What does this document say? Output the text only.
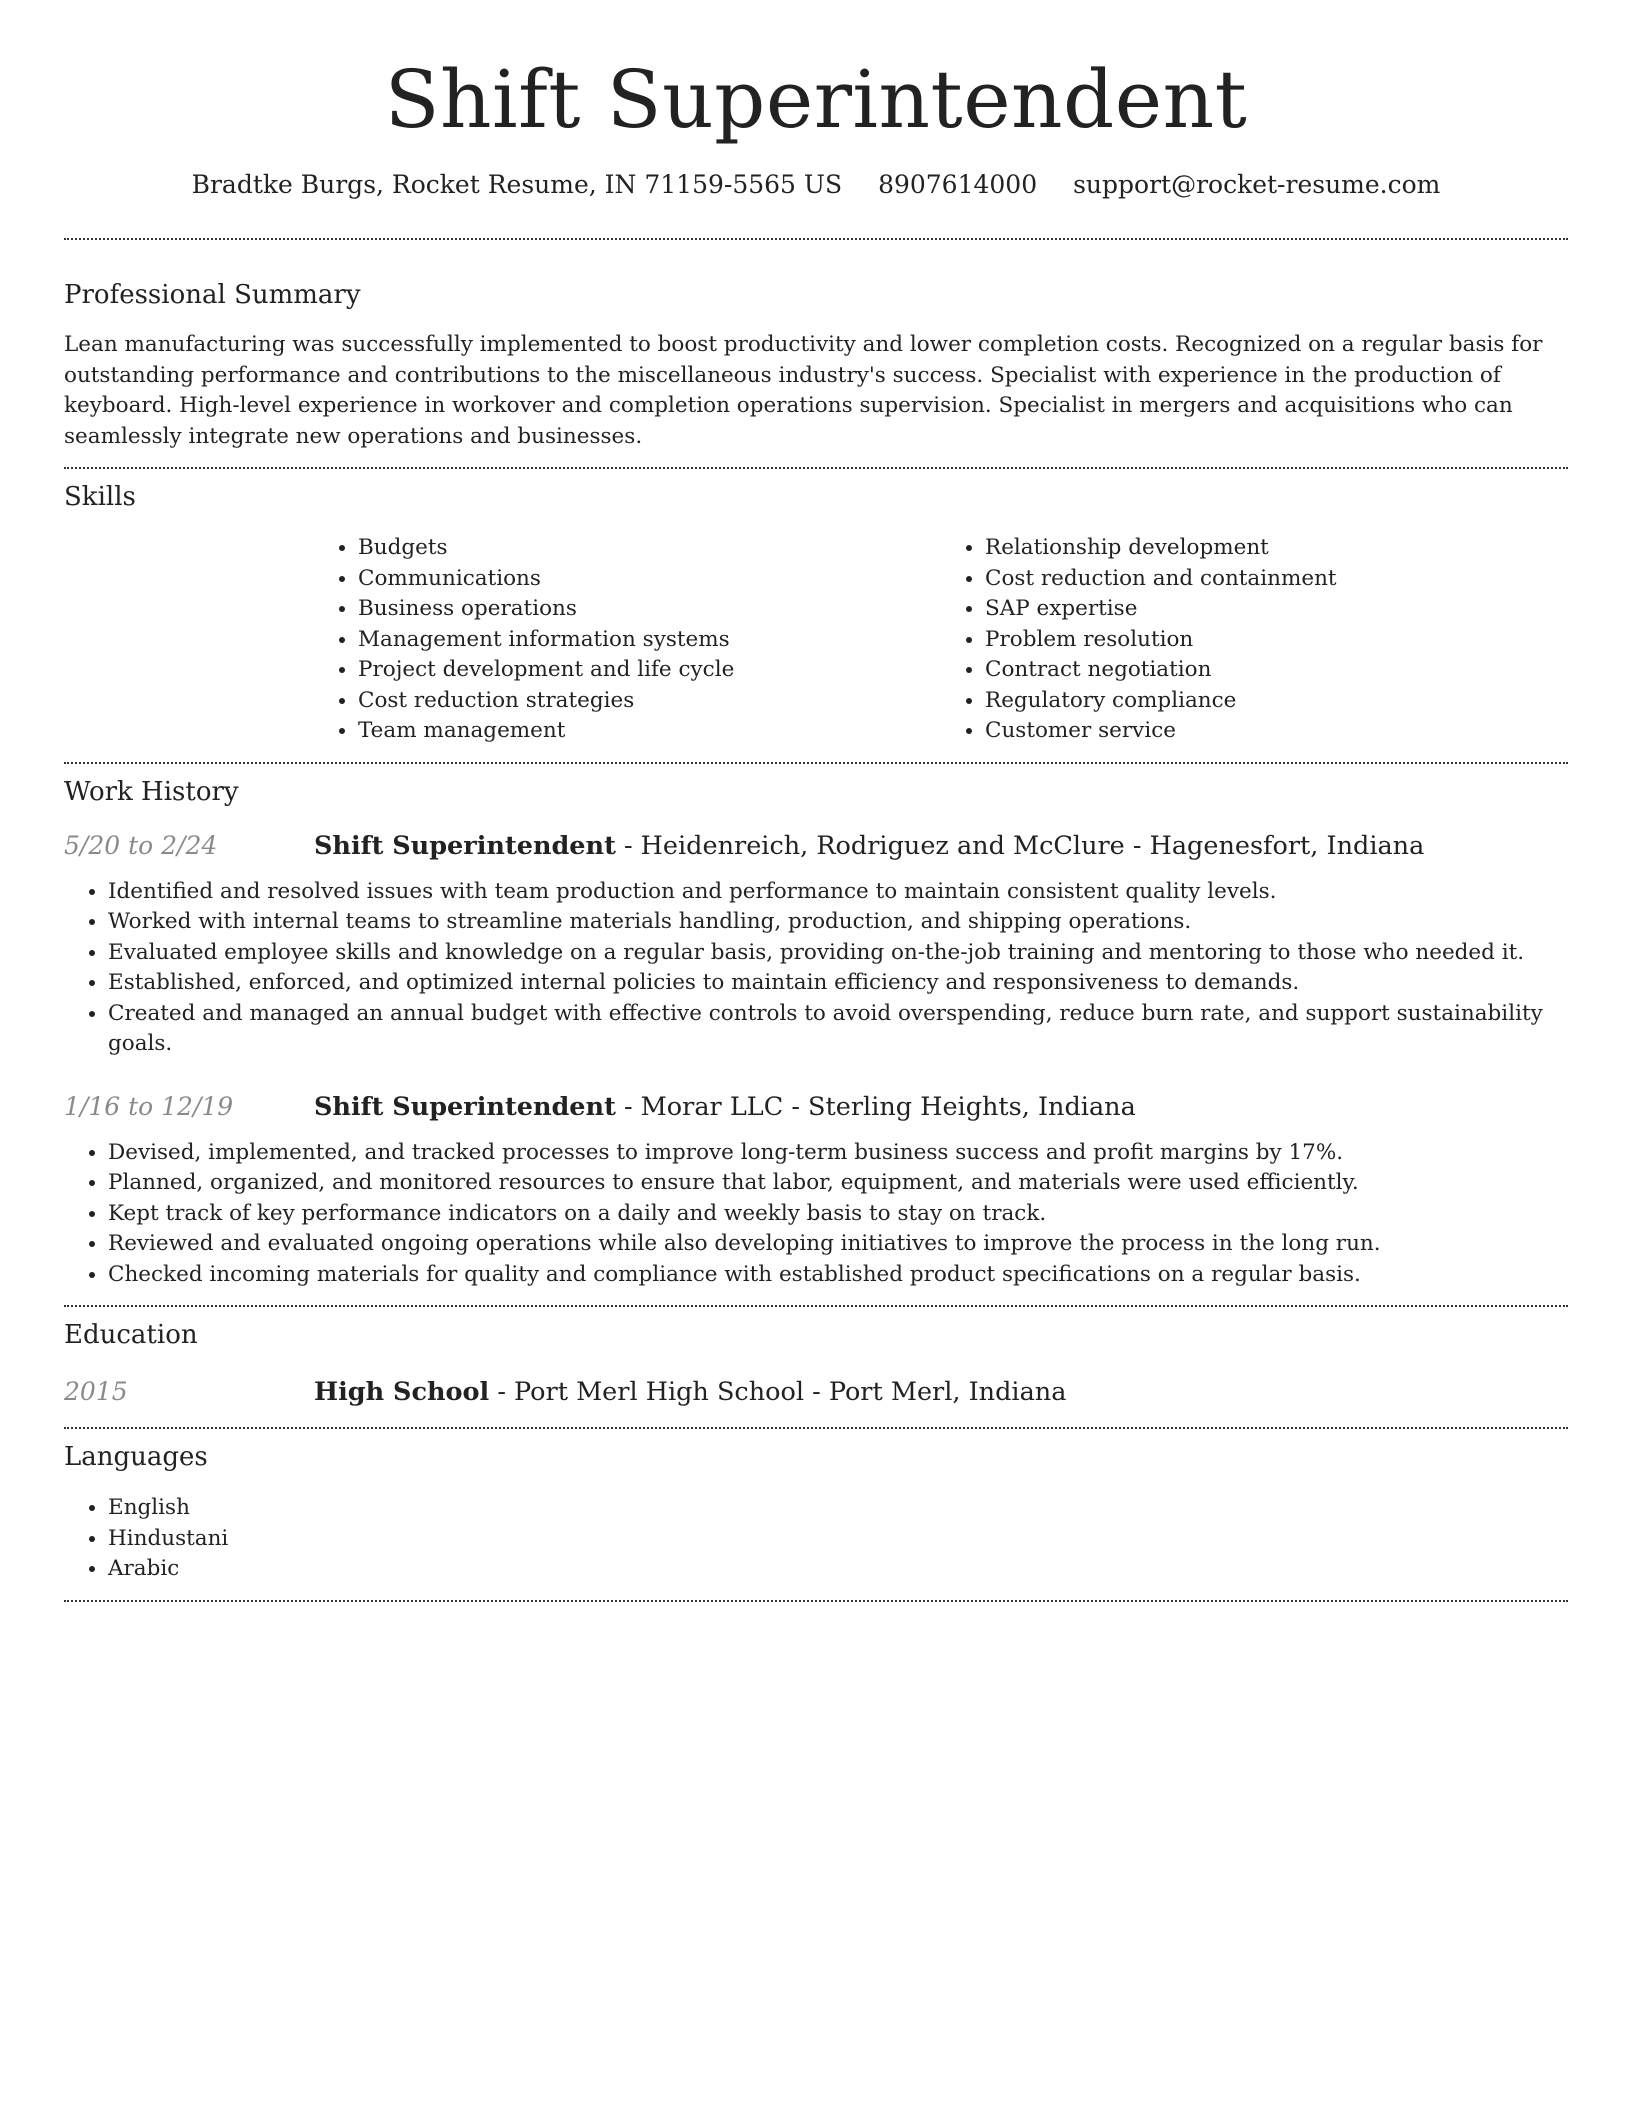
Shift Superintendent
Bradtke Burgs, Rocket Resume, IN 71159-5565 US 8907614000 support@rocket-resume.com
Professional Summary

Lean manufacturing was successfully implemented to boost productivity and lower completion costs. Recognized on a regular basis for outstanding performance and contributions to the miscellaneous industry's success. Specialist with experience in the production of keyboard. High-level experience in workover and completion operations supervision. Specialist in mergers and acquisitions who can seamlessly integrate new operations and businesses.

Skills
• Budgets
• Communications
• Business operations
• Management information systems
• Project development and life cycle
• Cost reduction strategies
• Team management
• Relationship development
• Cost reduction and containment
• SAP expertise
• Problem resolution
• Contract negotiation
• Regulatory compliance
• Customer service
Work History
5/20 to 2/24	Shift Superintendent - Heidenreich, Rodriguez and McClure - Hagenesfort, Indiana
• Identified and resolved issues with team production and performance to maintain consistent quality levels.
• Worked with internal teams to streamline materials handling, production, and shipping operations.
• Evaluated employee skills and knowledge on a regular basis, providing on-the-job training and mentoring to those who needed it.
• Established, enforced, and optimized internal policies to maintain efficiency and responsiveness to demands.
• Created and managed an annual budget with effective controls to avoid overspending, reduce burn rate, and support sustainability goals.
1/16 to 12/19	Shift Superintendent - Morar LLC - Sterling Heights, Indiana
• Devised, implemented, and tracked processes to improve long-term business success and profit margins by 17%.
• Planned, organized, and monitored resources to ensure that labor, equipment, and materials were used efficiently.
• Kept track of key performance indicators on a daily and weekly basis to stay on track.
• Reviewed and evaluated ongoing operations while also developing initiatives to improve the process in the long run.
• Checked incoming materials for quality and compliance with established product specifications on a regular basis.
Education
2015	High School - Port Merl High School - Port Merl, Indiana
Languages
• English
• Hindustani
• Arabic
